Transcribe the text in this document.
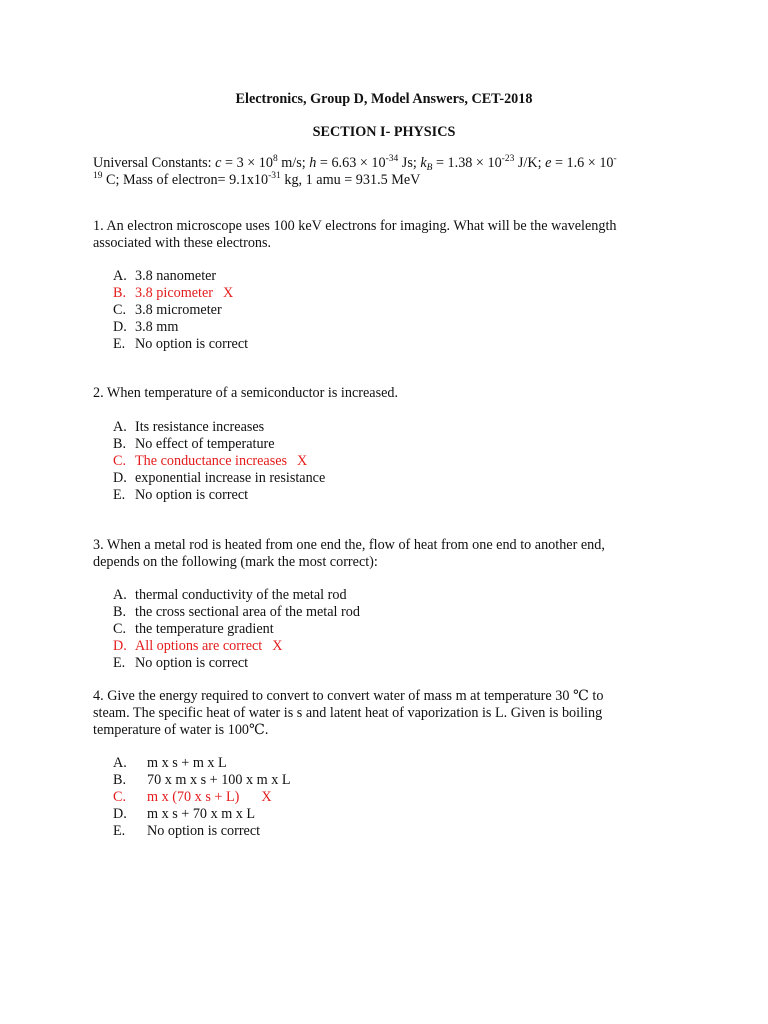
Electronics, Group D, Model Answers, CET-2018
SECTION I- PHYSICS
Universal Constants: $c = 3 \times 10^8$ m/s; $h = 6.63 \times 10^{-34}$ Js; $k_B = 1.38 \times 10^{-23}$ J/K; e = 1.6 × 10-
$^{19}$ C; Mass of electron= $9.1x10^{-31}$ kg, 1 amu = 931.5 MeV
1. An electron microscope uses 100 keV electrons for imaging. What will be the wavelength
associated with these electrons.
A. 3.8 nanometer
B. 3.8 picometer X
C. 3.8 micrometer
D. 3.8 mm
E. No option is correct
2. When temperature of a semiconductor is increased.
A. Its resistance increases
B. No effect of temperature
C. The conductance increases X
D. exponential increase in resistance
E. No option is correct
3. When a metal rod is heated from one end the, flow of heat from one end to another end,
depends on the following (mark the most correct):
A. thermal conductivity of the metal rod
B. the cross sectional area of the metal rod
C. the temperature gradient
D. All options are correct X
E. No option is correct
4. Give the energy required to convert to convert water of mass m at temperature 30 ℃ to
steam. The specific heat of water is s and latent heat of vaporization is L. Given is boiling
temperature of water is 100℃.
A. m x s + m x L
B. 70 x m x s + 100 x m x L
C. m x (70 x s + L) X
D. m x s + 70 x m x L
E. No option is correct
